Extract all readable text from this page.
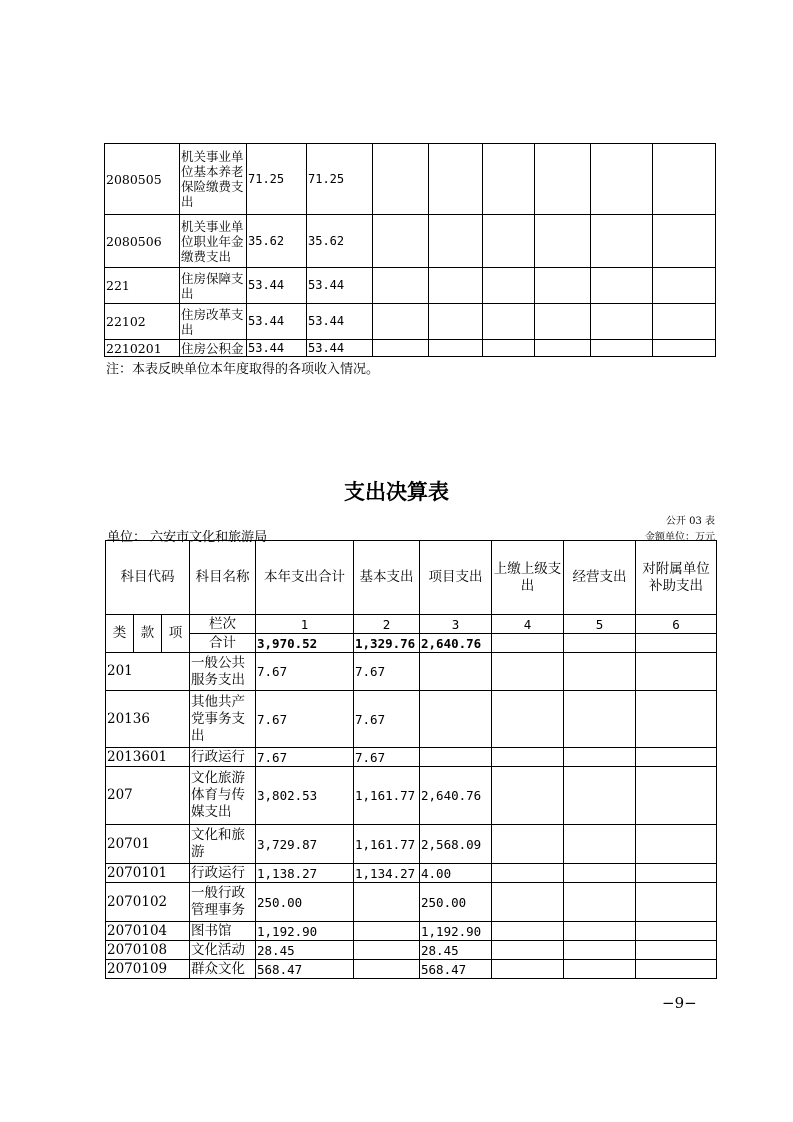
2080505	机关事业单位基本养老保险缴费支出	71.25	71.25						
2080506	机关事业单位职业年金缴费支出	35.62	35.62						
221	住房保障支出	53.44	53.44						
22102	住房改革支出	53.44	53.44						
2210201	住房公积金	53.44	53.44						
注：本表反映单位本年度取得的各项收入情况。
支出决算表
公开 03 表
单位： 六安市文化和旅游局	金额单位：万元
科目代码			科目名称	本年支出合计	基本支出	项目支出	上缴上级支出	经营支出	对附属单位补助支出
类	款	项	栏次	1	2	3	4	5	6
			合计	3,970.52	1,329.76	2,640.76			
201			一般公共服务支出	7.67	7.67				
20136			其他共产党事务支出	7.67	7.67				
2013601			行政运行	7.67	7.67				
207			文化旅游体育与传媒支出	3,802.53	1,161.77	2,640.76			
20701			文化和旅游	3,729.87	1,161.77	2,568.09			
2070101			行政运行	1,138.27	1,134.27	4.00			
2070102			一般行政管理事务	250.00		250.00			
2070104			图书馆	1,192.90		1,192.90			
2070108			文化活动	28.45		28.45			
2070109			群众文化	568.47		568.47			
−9−
